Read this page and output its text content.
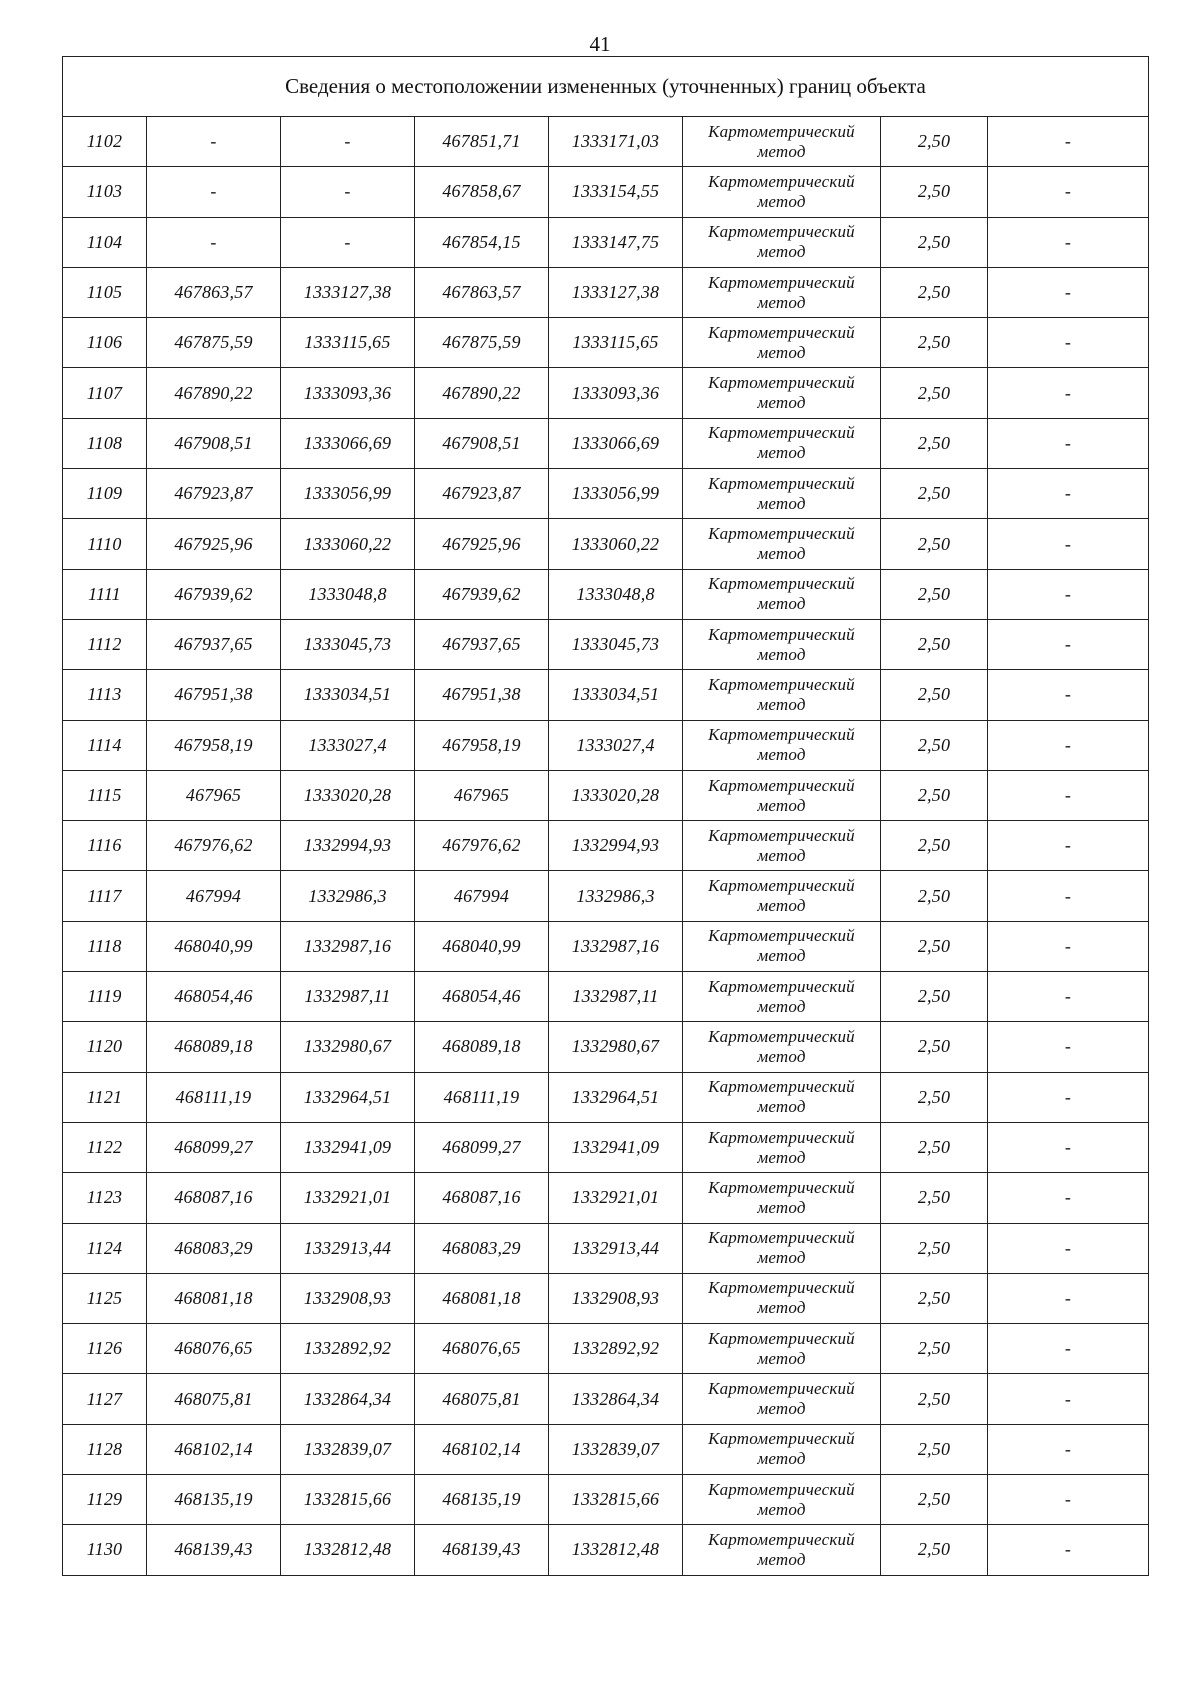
41
Сведения о местоположении измененных (уточненных) границ объекта							
1102	-	-	467851,71	1333171,03	Картометрический
метод	2,50	-
1103	-	-	467858,67	1333154,55	Картометрический
метод	2,50	-
1104	-	-	467854,15	1333147,75	Картометрический
метод	2,50	-
1105	467863,57	1333127,38	467863,57	1333127,38	Картометрический
метод	2,50	-
1106	467875,59	1333115,65	467875,59	1333115,65	Картометрический
метод	2,50	-
1107	467890,22	1333093,36	467890,22	1333093,36	Картометрический
метод	2,50	-
1108	467908,51	1333066,69	467908,51	1333066,69	Картометрический
метод	2,50	-
1109	467923,87	1333056,99	467923,87	1333056,99	Картометрический
метод	2,50	-
1110	467925,96	1333060,22	467925,96	1333060,22	Картометрический
метод	2,50	-
1111	467939,62	1333048,8	467939,62	1333048,8	Картометрический
метод	2,50	-
1112	467937,65	1333045,73	467937,65	1333045,73	Картометрический
метод	2,50	-
1113	467951,38	1333034,51	467951,38	1333034,51	Картометрический
метод	2,50	-
1114	467958,19	1333027,4	467958,19	1333027,4	Картометрический
метод	2,50	-
1115	467965	1333020,28	467965	1333020,28	Картометрический
метод	2,50	-
1116	467976,62	1332994,93	467976,62	1332994,93	Картометрический
метод	2,50	-
1117	467994	1332986,3	467994	1332986,3	Картометрический
метод	2,50	-
1118	468040,99	1332987,16	468040,99	1332987,16	Картометрический
метод	2,50	-
1119	468054,46	1332987,11	468054,46	1332987,11	Картометрический
метод	2,50	-
1120	468089,18	1332980,67	468089,18	1332980,67	Картометрический
метод	2,50	-
1121	468111,19	1332964,51	468111,19	1332964,51	Картометрический
метод	2,50	-
1122	468099,27	1332941,09	468099,27	1332941,09	Картометрический
метод	2,50	-
1123	468087,16	1332921,01	468087,16	1332921,01	Картометрический
метод	2,50	-
1124	468083,29	1332913,44	468083,29	1332913,44	Картометрический
метод	2,50	-
1125	468081,18	1332908,93	468081,18	1332908,93	Картометрический
метод	2,50	-
1126	468076,65	1332892,92	468076,65	1332892,92	Картометрический
метод	2,50	-
1127	468075,81	1332864,34	468075,81	1332864,34	Картометрический
метод	2,50	-
1128	468102,14	1332839,07	468102,14	1332839,07	Картометрический
метод	2,50	-
1129	468135,19	1332815,66	468135,19	1332815,66	Картометрический
метод	2,50	-
1130	468139,43	1332812,48	468139,43	1332812,48	Картометрический
метод	2,50	-
